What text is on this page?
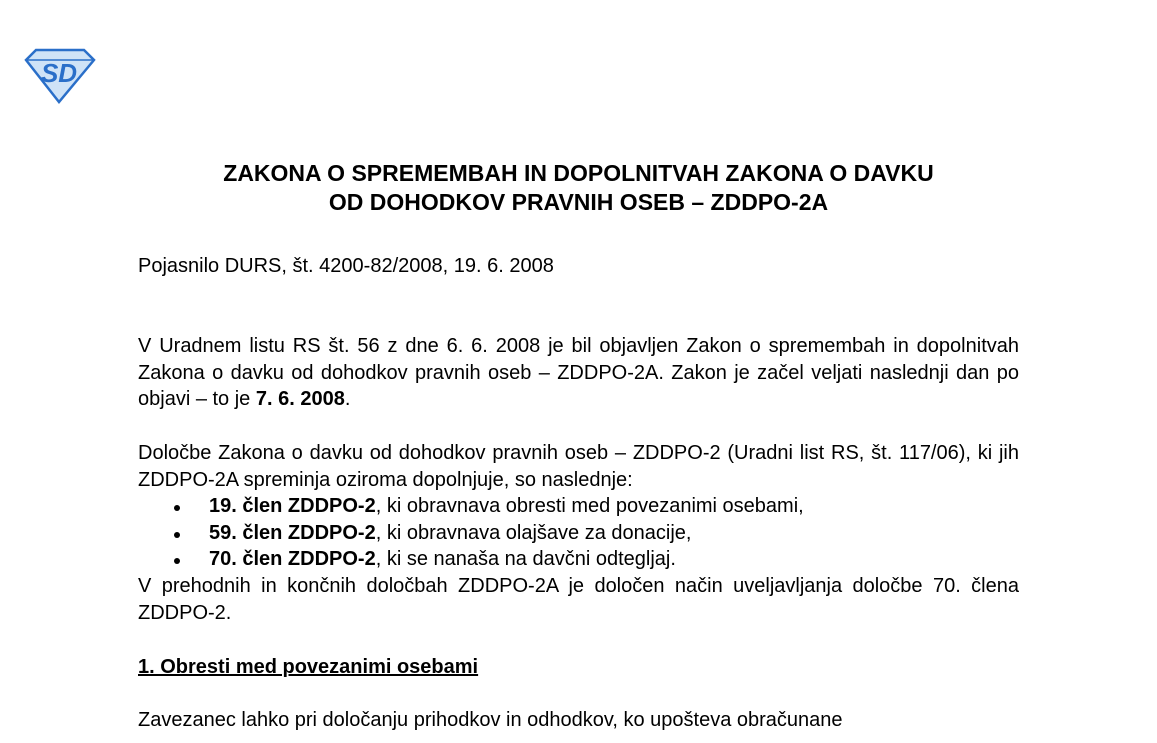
SD
ZAKONA O SPREMEMBAH IN DOPOLNITVAH ZAKONA O DAVKU
OD DOHODKOV PRAVNIH OSEB – ZDDPO-2A
Pojasnilo DURS, št. 4200-82/2008, 19. 6. 2008
V Uradnem listu RS št. 56 z dne 6. 6. 2008 je bil objavljen Zakon o spremembah in dopolnitvah Zakona o davku od dohodkov pravnih oseb – ZDDPO-2A. Zakon je začel veljati naslednji dan po objavi – to je 7. 6. 2008.
Določbe Zakona o davku od dohodkov pravnih oseb – ZDDPO-2 (Uradni list RS, št. 117/06), ki jih ZDDPO-2A spreminja oziroma dopolnjuje, so naslednje:
19. člen ZDDPO-2, ki obravnava obresti med povezanimi osebami,
59. člen ZDDPO-2, ki obravnava olajšave za donacije,
70. člen ZDDPO-2, ki se nanaša na davčni odtegljaj.
V prehodnih in končnih določbah ZDDPO-2A je določen način uveljavljanja določbe 70. člena ZDDPO-2.
1. Obresti med povezanimi osebami
Zavezanec lahko pri določanju prihodkov in odhodkov, ko upošteva obračunane
